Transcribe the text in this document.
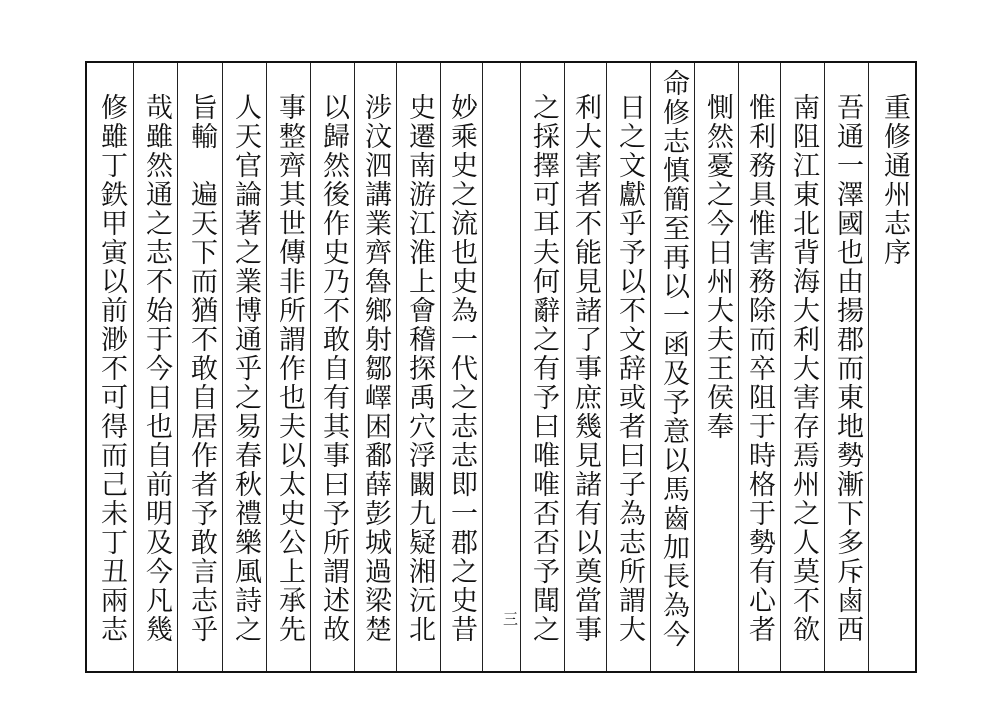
修雖丁鉄甲寅以前渺不可得而己未丁丑兩志 哉雖然通之志不始于今日也自前明及今凡幾 旨輸　遍天下而猶不敢自居作者予敢言志乎 人天官論著之業博通乎之易春秋禮樂風詩之 事整齊其世傳非所謂作也夫以太史公上承先 以歸然後作史乃不敢自有其事曰予所謂述故 涉汶泗講業齊魯鄉射鄒嶧困鄱薛彭城過梁楚 史遷南游江淮上會稽探禹穴浮闞九疑湘沅北 妙乘史之流也史為一代之志志即一郡之史昔	三 之採擇可耳夫何辭之有予曰唯唯否否予聞之 利大害者不能見諸了事庶幾見諸有以奠當事 日之文獻乎予以不文辞或者曰子為志所謂大 命修志慎簡至再以一函及予意以馬齒加長為今 惻然憂之今日州大夫王侯奉 惟利務具惟害務除而卒阻于時格于勢有心者 南阻江東北背海大利大害存焉州之人莫不欲 吾通一澤國也由揚郡而東地勢漸下多斥鹵西 重修通州志序
